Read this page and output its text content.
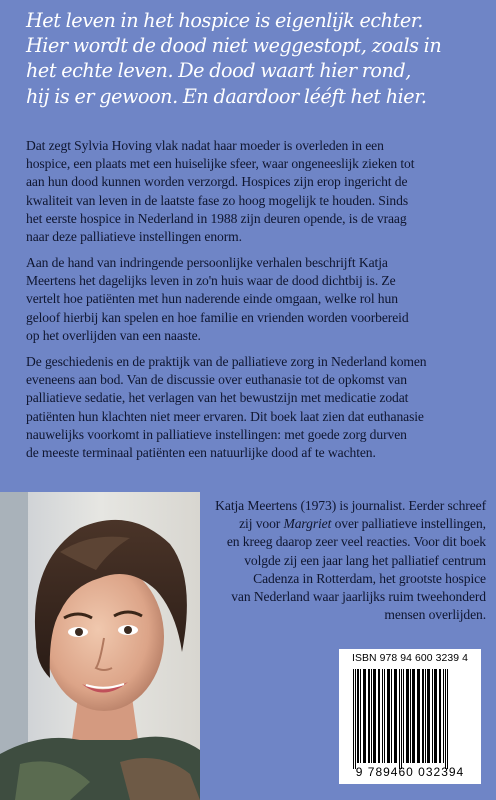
Het leven in het hospice is eigenlijk echter.
Hier wordt de dood niet weggestopt, zoals in
het echte leven. De dood waart hier rond,
hij is er gewoon. En daardoor lééft het hier.
Dat zegt Sylvia Hoving vlak nadat haar moeder is overleden in een
hospice, een plaats met een huiselijke sfeer, waar ongeneeslijk zieken tot
aan hun dood kunnen worden verzorgd. Hospices zijn erop ingericht de
kwaliteit van leven in de laatste fase zo hoog mogelijk te houden. Sinds
het eerste hospice in Nederland in 1988 zijn deuren opende, is de vraag
naar deze palliatieve instellingen enorm.
Aan de hand van indringende persoonlijke verhalen beschrijft Katja
Meertens het dagelijks leven in zo'n huis waar de dood dichtbij is. Ze
vertelt hoe patiënten met hun naderende einde omgaan, welke rol hun
geloof hierbij kan spelen en hoe familie en vrienden worden voorbereid
op het overlijden van een naaste.
De geschiedenis en de praktijk van de palliatieve zorg in Nederland komen
eveneens aan bod. Van de discussie over euthanasie tot de opkomst van
palliatieve sedatie, het verlagen van het bewustzijn met medicatie zodat
patiënten hun klachten niet meer ervaren. Dit boek laat zien dat euthanasie
nauwelijks voorkomt in palliatieve instellingen: met goede zorg durven
de meeste terminaal patiënten een natuurlijke dood af te wachten.
Katja Meertens (1973) is journalist. Eerder schreef
zij voor Margriet over palliatieve instellingen,
en kreeg daarop zeer veel reacties. Voor dit boek
volgde zij een jaar lang het palliatief centrum
Cadenza in Rotterdam, het grootste hospice
van Nederland waar jaarlijks ruim tweehonderd
mensen overlijden.
ISBN 978 94 600 3239 4
9 789460 032394
